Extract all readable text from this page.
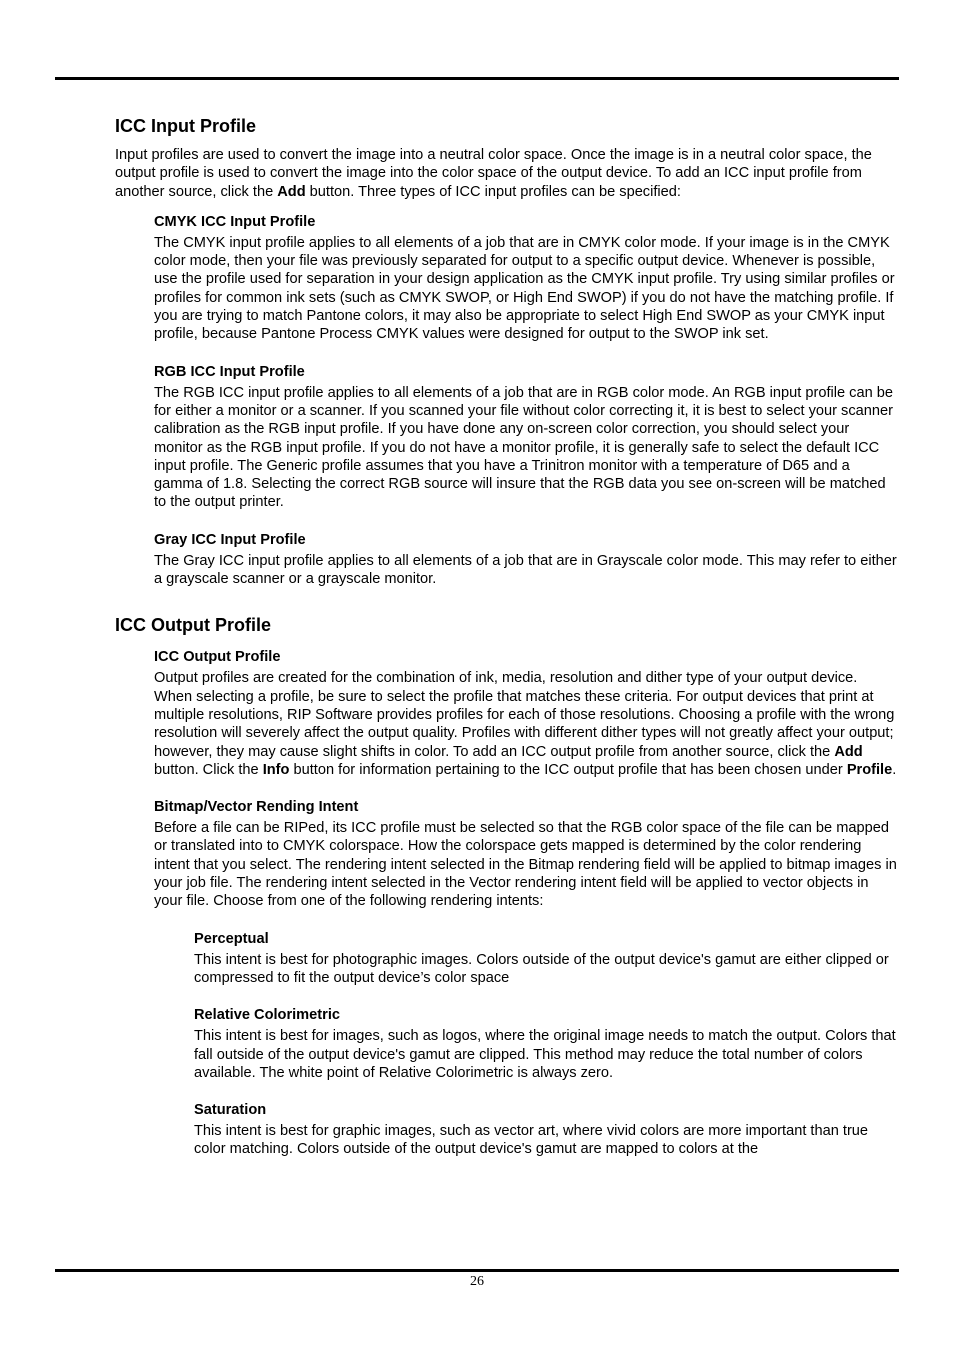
ICC Input Profile

Input profiles are used to convert the image into a neutral color space. Once the image is in a neutral color space, the output profile is used to convert the image into the color space of the output device. To add an ICC input profile from another source, click the Add button. Three types of ICC input profiles can be specified:

CMYK ICC Input Profile

The CMYK input profile applies to all elements of a job that are in CMYK color mode. If your image is in the CMYK color mode, then your file was previously separated for output to a specific output device. Whenever is possible, use the profile used for separation in your design application as the CMYK input profile. Try using similar profiles or profiles for common ink sets (such as CMYK SWOP, or High End SWOP) if you do not have the matching profile. If you are trying to match Pantone colors, it may also be appropriate to select High End SWOP as your CMYK input profile, because Pantone Process CMYK values were designed for output to the SWOP ink set.

RGB ICC Input Profile

The RGB ICC input profile applies to all elements of a job that are in RGB color mode. An RGB input profile can be for either a monitor or a scanner. If you scanned your file without color correcting it, it is best to select your scanner calibration as the RGB input profile. If you have done any on-screen color correction, you should select your monitor as the RGB input profile. If you do not have a monitor profile, it is generally safe to select the default ICC input profile. The Generic profile assumes that you have a Trinitron monitor with a temperature of D65 and a gamma of 1.8. Selecting the correct RGB source will insure that the RGB data you see on-screen will be matched to the output printer.

Gray ICC Input Profile

The Gray ICC input profile applies to all elements of a job that are in Grayscale color mode. This may refer to either a grayscale scanner or a grayscale monitor.

ICC Output Profile
ICC Output Profile

Output profiles are created for the combination of ink, media, resolution and dither type of your output device. When selecting a profile, be sure to select the profile that matches these criteria. For output devices that print at multiple resolutions, RIP Software provides profiles for each of those resolutions. Choosing a profile with the wrong resolution will severely affect the output quality. Profiles with different dither types will not greatly affect your output; however, they may cause slight shifts in color. To add an ICC output profile from another source, click the Add button. Click the Info button for information pertaining to the ICC output profile that has been chosen under Profile.

Bitmap/Vector Rending Intent

Before a file can be RIPed, its ICC profile must be selected so that the RGB color space of the file can be mapped or translated into to CMYK colorspace. How the colorspace gets mapped is determined by the color rendering intent that you select. The rendering intent selected in the Bitmap rendering field will be applied to bitmap images in your job file. The rendering intent selected in the Vector rendering intent field will be applied to vector objects in your file. Choose from one of the following rendering intents:

Perceptual

This intent is best for photographic images. Colors outside of the output device's gamut are either clipped or compressed to fit the output device’s color space

Relative Colorimetric

This intent is best for images, such as logos, where the original image needs to match the output. Colors that fall outside of the output device's gamut are clipped. This method may reduce the total number of colors available. The white point of Relative Colorimetric is always zero.

Saturation

This intent is best for graphic images, such as vector art, where vivid colors are more important than true color matching. Colors outside of the output device's gamut are mapped to colors at the

26
